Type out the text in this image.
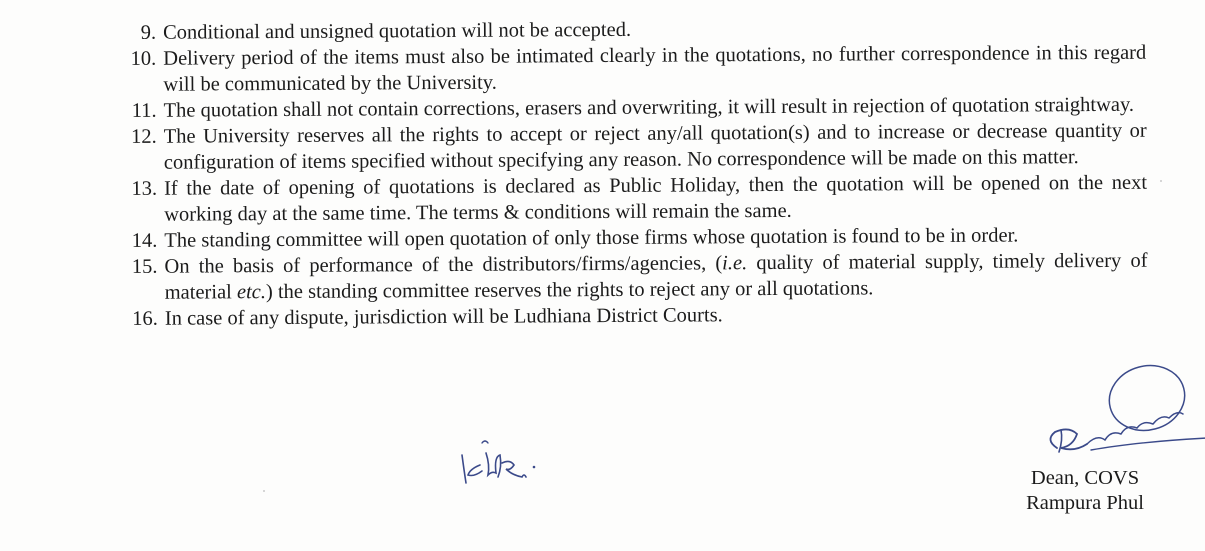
9. Conditional and unsigned quotation will not be accepted.
10. Delivery period of the items must also be intimated clearly in the quotations, no further correspondence in this regard will be communicated by the University.
11. The quotation shall not contain corrections, erasers and overwriting, it will result in rejection of quotation straightway.
12. The University reserves all the rights to accept or reject any/all quotation(s) and to increase or decrease quantity or configuration of items specified without specifying any reason. No correspondence will be made on this matter.
13. If the date of opening of quotations is declared as Public Holiday, then the quotation will be opened on the next working day at the same time. The terms & conditions will remain the same.
14. The standing committee will open quotation of only those firms whose quotation is found to be in order.
15. On the basis of performance of the distributors/firms/agencies, (i.e. quality of material supply, timely delivery of material etc.) the standing committee reserves the rights to reject any or all quotations.
16. In case of any dispute, jurisdiction will be Ludhiana District Courts.
Dean, COVS
Rampura Phul
